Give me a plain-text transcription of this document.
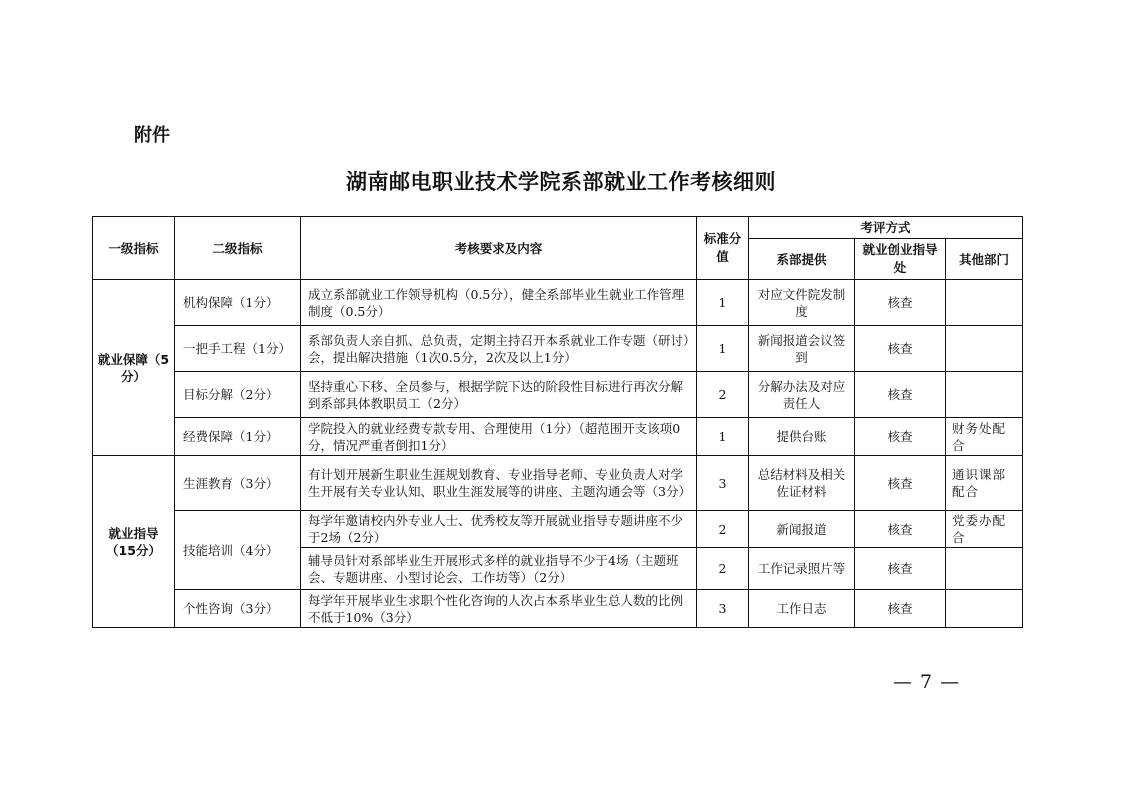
附件
湖南邮电职业技术学院系部就业工作考核细则
一级指标	二级指标	考核要求及内容	标准分值	考评方式		
				系部提供	就业创业指导处	其他部门
就业保障（5分）	机构保障（1分）	成立系部就业工作领导机构（0.5分），健全系部毕业生就业工作管理制度（0.5分）	1	对应文件院发制度	核查	
	一把手工程（1分）	系部负责人亲自抓、总负责，定期主持召开本系就业工作专题（研讨）会，提出解决措施（1次0.5分，2次及以上1分）	1	新闻报道会议签到	核查	
	目标分解（2分）	坚持重心下移、全员参与，根据学院下达的阶段性目标进行再次分解到系部具体教职员工（2分）	2	分解办法及对应责任人	核查	
	经费保障（1分）	学院投入的就业经费专款专用、合理使用（1分）（超范围开支该项0分，情况严重者倒扣1分）	1	提供台账	核查	财务处配合
就业指导（15分）	生涯教育（3分）	有计划开展新生职业生涯规划教育、专业指导老师、专业负责人对学生开展有关专业认知、职业生涯发展等的讲座、主题沟通会等（3分）	3	总结材料及相关佐证材料	核查	通识课部配合
	技能培训（4分）	每学年邀请校内外专业人士、优秀校友等开展就业指导专题讲座不少于2场（2分）	2	新闻报道	核查	党委办配合
		辅导员针对系部毕业生开展形式多样的就业指导不少于4场（主题班会、专题讲座、小型讨论会、工作坊等）（2分）	2	工作记录照片等	核查	
	个性咨询（3分）	每学年开展毕业生求职个性化咨询的人次占本系毕业生总人数的比例不低于10%（3分）	3	工作日志	核查	
— 7 —
